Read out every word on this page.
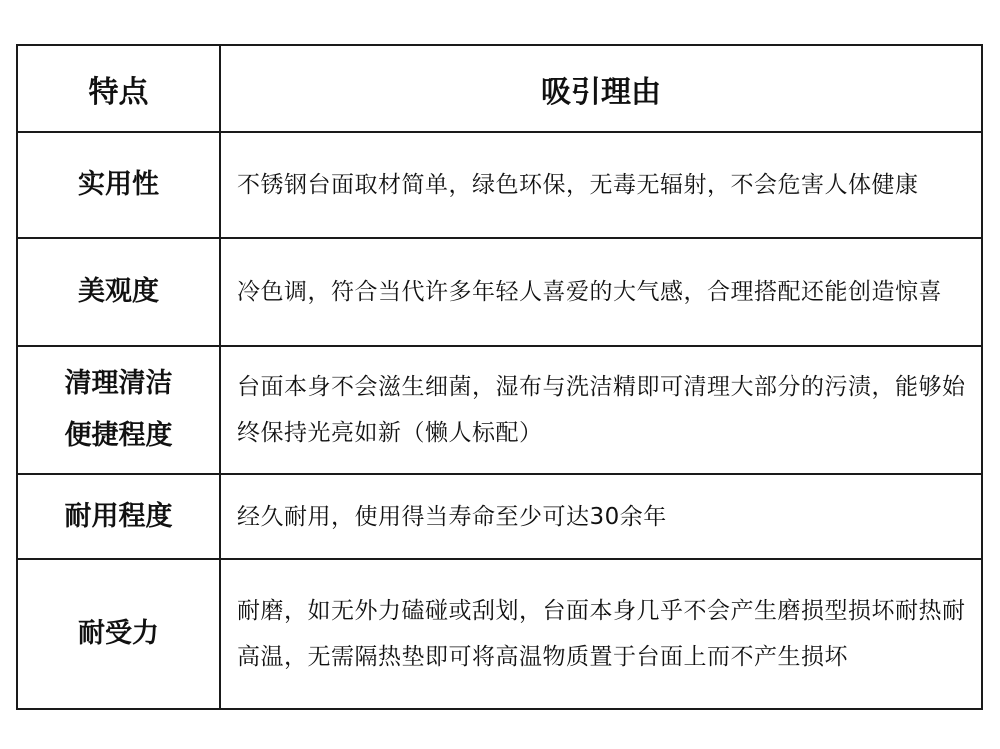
特点	吸引理由
实用性	不锈钢台面取材简单，绿色环保，无毒无辐射，不会危害人体健康
美观度	冷色调，符合当代许多年轻人喜爱的大气感，合理搭配还能创造惊喜
清理清洁便捷程度	台面本身不会滋生细菌，湿布与洗洁精即可清理大部分的污渍，能够始终保持光亮如新（懒人标配）
耐用程度	经久耐用，使用得当寿命至少可达30余年
耐受力	耐磨，如无外力磕碰或刮划，台面本身几乎不会产生磨损型损坏耐热耐高温，无需隔热垫即可将高温物质置于台面上而不产生损坏
